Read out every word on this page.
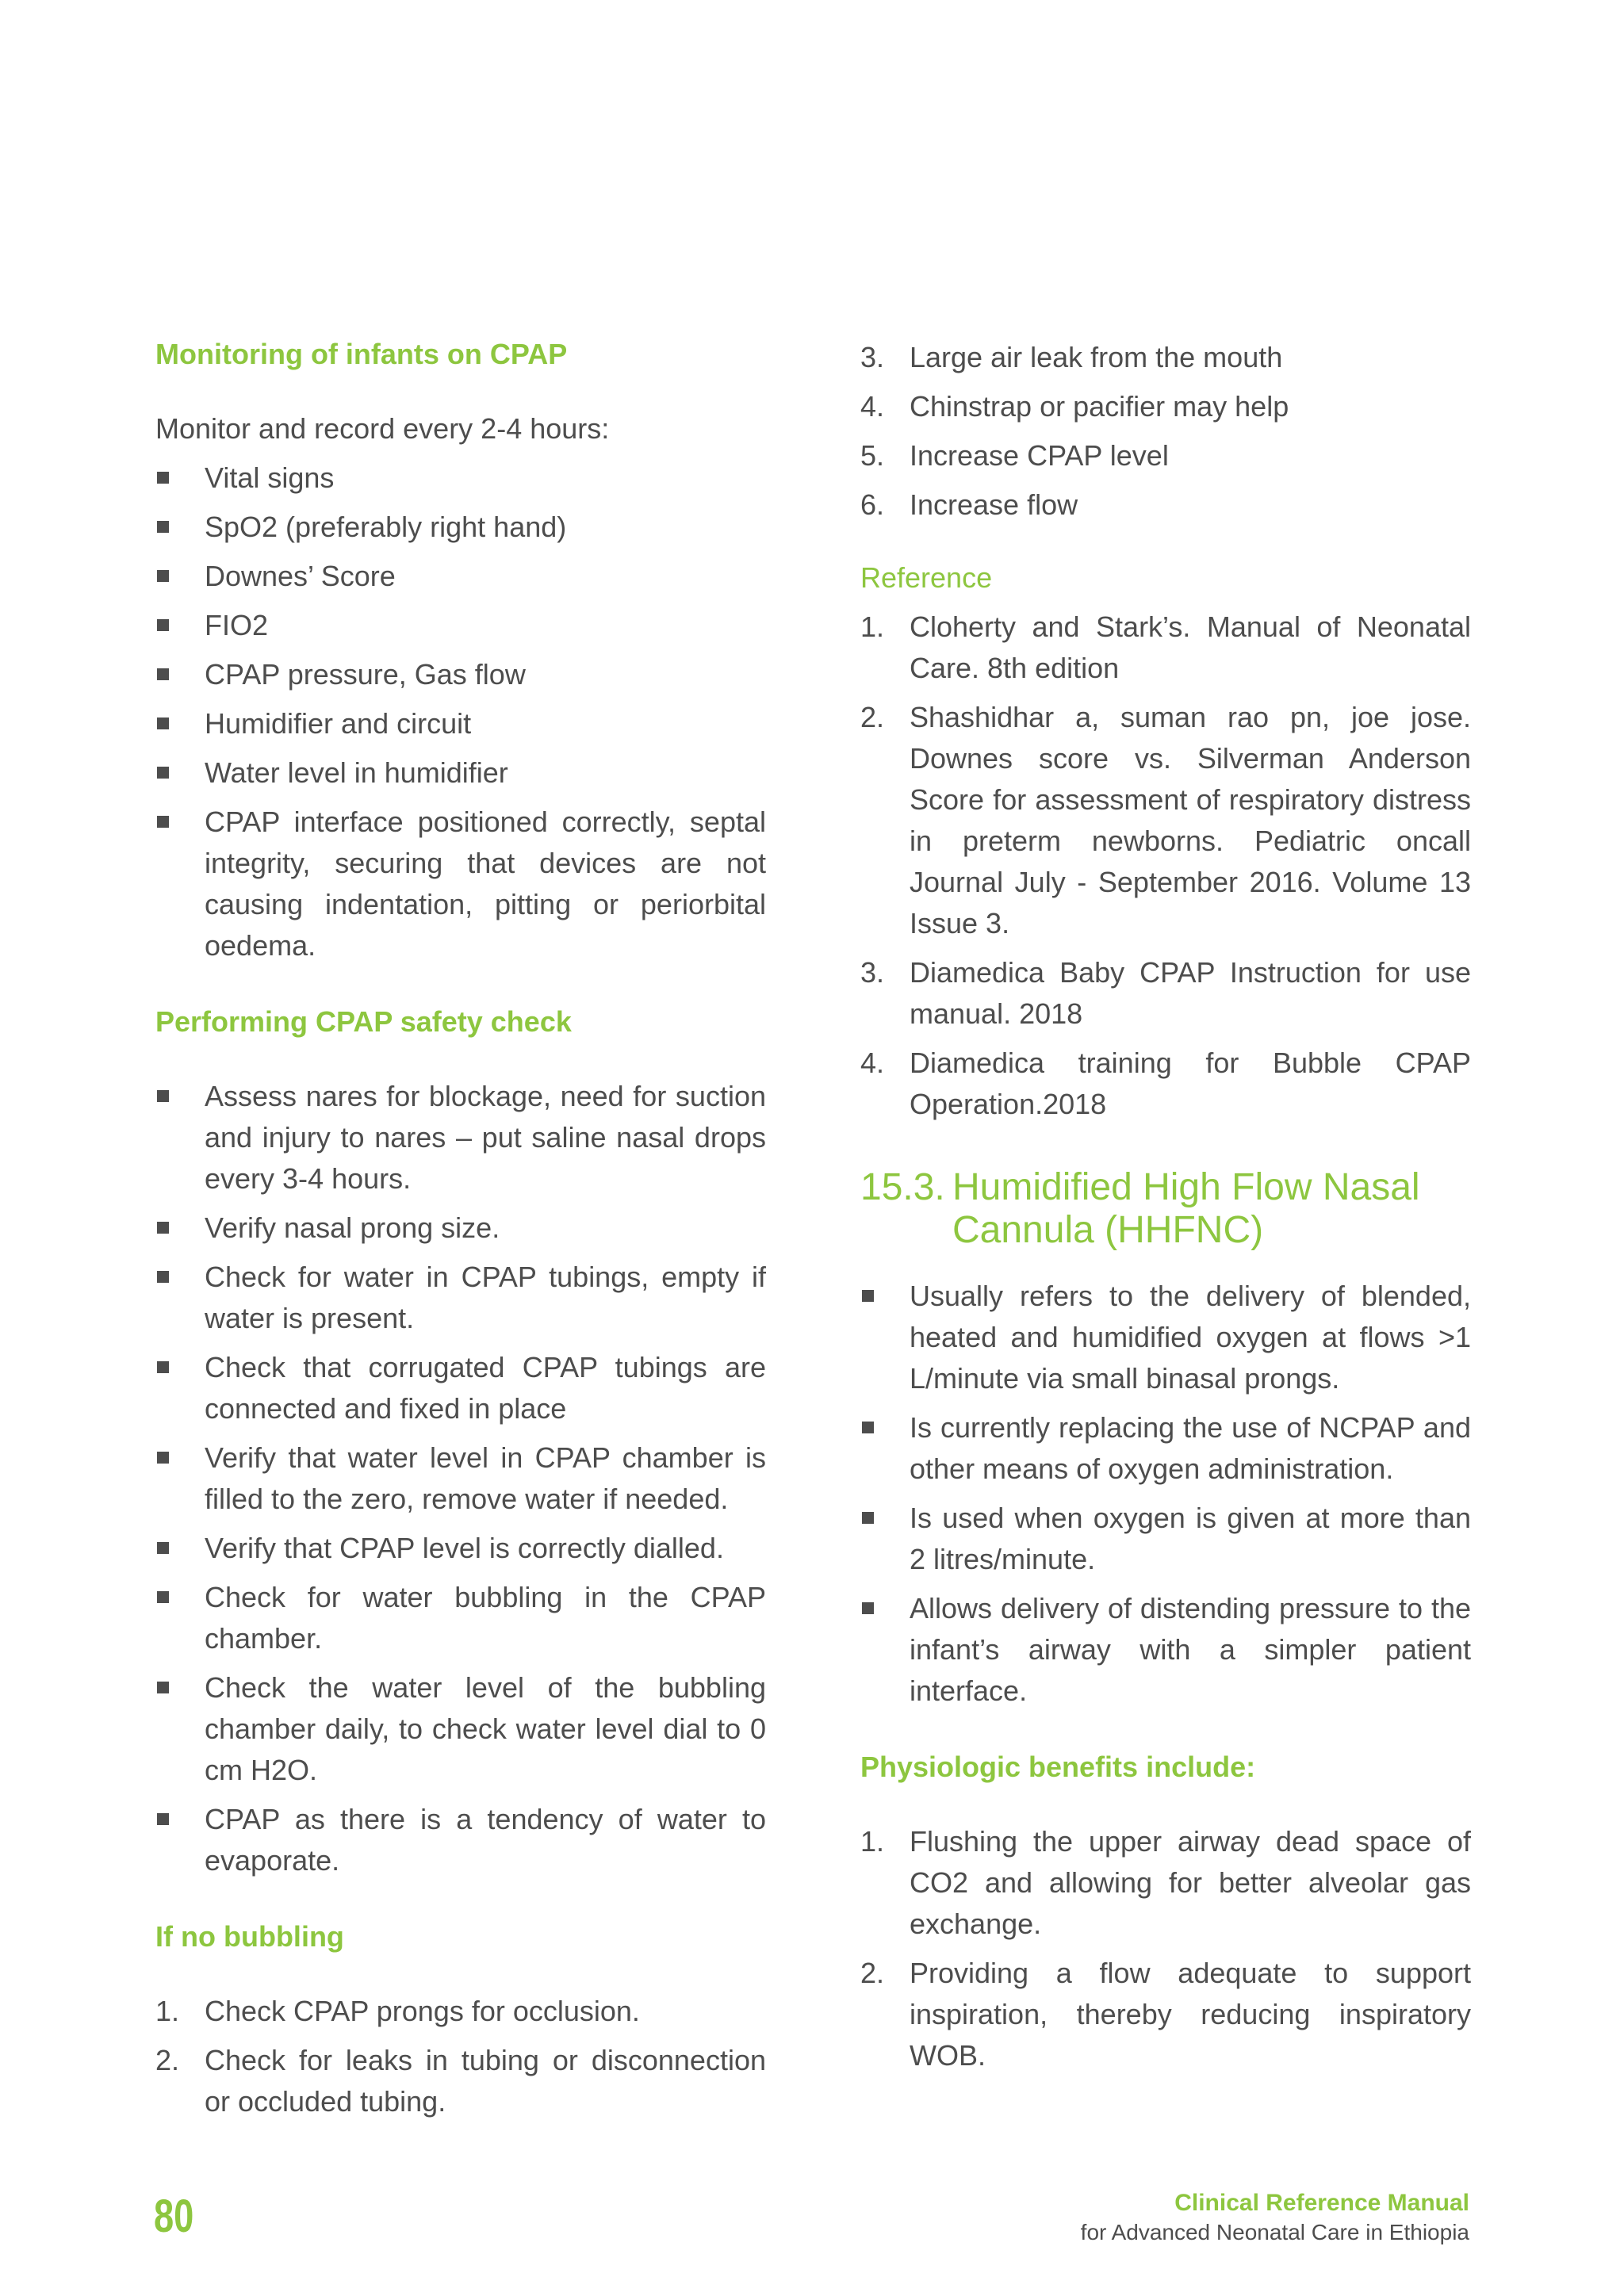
Monitoring of infants on CPAP

Monitor and record every 2-4 hours:

Vital signs
SpO2 (preferably right hand)
Downes’ Score
FIO2
CPAP pressure, Gas flow
Humidifier and circuit
Water level in humidifier
CPAP interface positioned correctly, septal integrity, securing that devices are not causing indentation, pitting or periorbital oedema.
Performing CPAP safety check
Assess nares for blockage, need for suction and injury to nares – put saline nasal drops every 3-4 hours.
Verify nasal prong size.
Check for water in CPAP tubings, empty if water is present.
Check that corrugated CPAP tubings are connected and fixed in place
Verify that water level in CPAP chamber is filled to the zero, remove water if needed.
Verify that CPAP level is correctly dialled.
Check for water bubbling in the CPAP chamber.
Check the water level of the bubbling chamber daily, to check water level dial to 0 cm H2O.
CPAP as there is a tendency of water to evaporate.
If no bubbling
1. Check CPAP prongs for occlusion.
2. Check for leaks in tubing or disconnection or occluded tubing.
3. Large air leak from the mouth
4. Chinstrap or pacifier may help
5. Increase CPAP level
6. Increase flow
Reference
1. Cloherty and Stark’s. Manual of Neonatal Care. 8th edition
2. Shashidhar a, suman rao pn, joe jose. Downes score vs. Silverman Anderson Score for assessment of respiratory distress in preterm newborns. Pediatric oncall Journal July - September 2016. Volume 13 Issue 3.
3. Diamedica Baby CPAP Instruction for use manual. 2018
4. Diamedica training for Bubble CPAP Operation.2018
15.3. Humidified High Flow Nasal Cannula (HHFNC)
Usually refers to the delivery of blended, heated and humidified oxygen at flows >1 L/minute via small binasal prongs.
Is currently replacing the use of NCPAP and other means of oxygen administration.
Is used when oxygen is given at more than 2 litres/minute.
Allows delivery of distending pressure to the infant’s airway with a simpler patient interface.
Physiologic benefits include:
1. Flushing the upper airway dead space of CO2 and allowing for better alveolar gas exchange.
2. Providing a flow adequate to support inspiration, thereby reducing inspiratory WOB.
80	Clinical Reference Manual
for Advanced Neonatal Care in Ethiopia
